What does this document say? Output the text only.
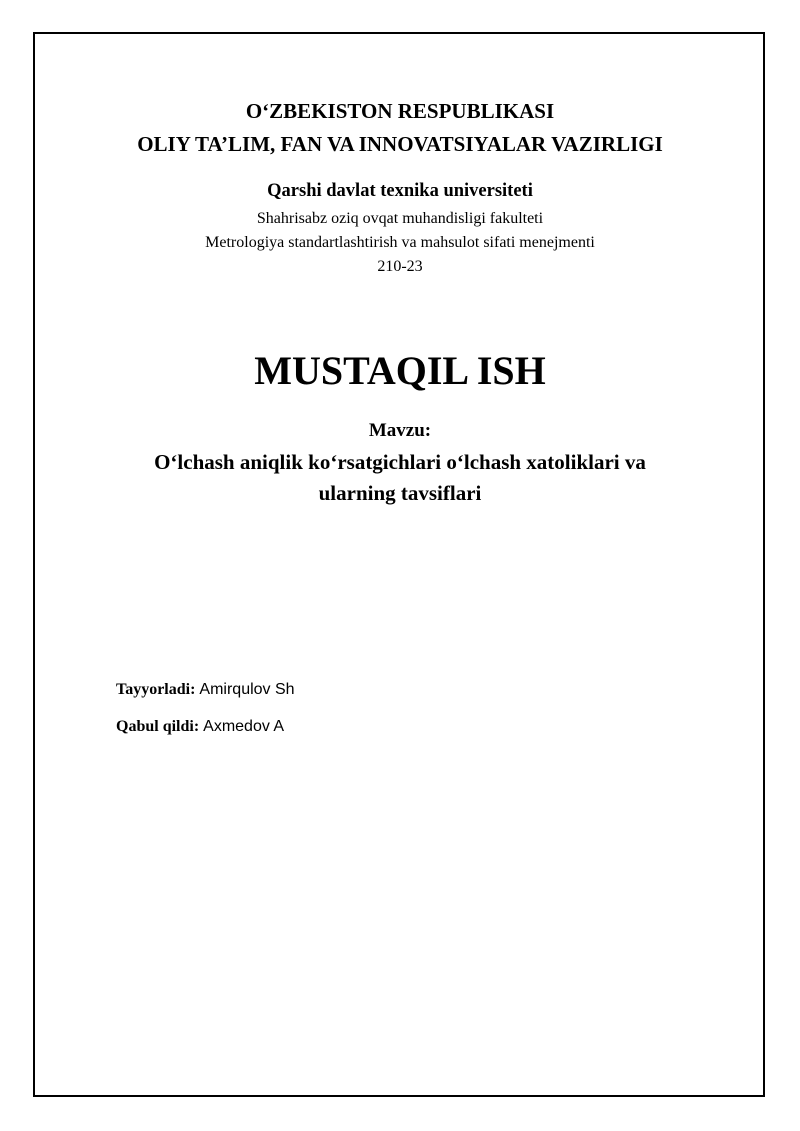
O‘ZBEKISTON RESPUBLIKASI
OLIY TA’LIM, FAN VA INNOVATSIYALAR VAZIRLIGI
Qarshi davlat texnika universiteti
Shahrisabz oziq ovqat muhandisligi fakulteti
Metrologiya standartlashtirish va mahsulot sifati menejmenti
210-23
MUSTAQIL ISH
Mavzu:
O‘lchash aniqlik ko‘rsatgichlari o‘lchash xatoliklari va
ularning tavsiflari
Tayyorladi: Amirqulov Sh
Qabul qildi: Axmedov A
